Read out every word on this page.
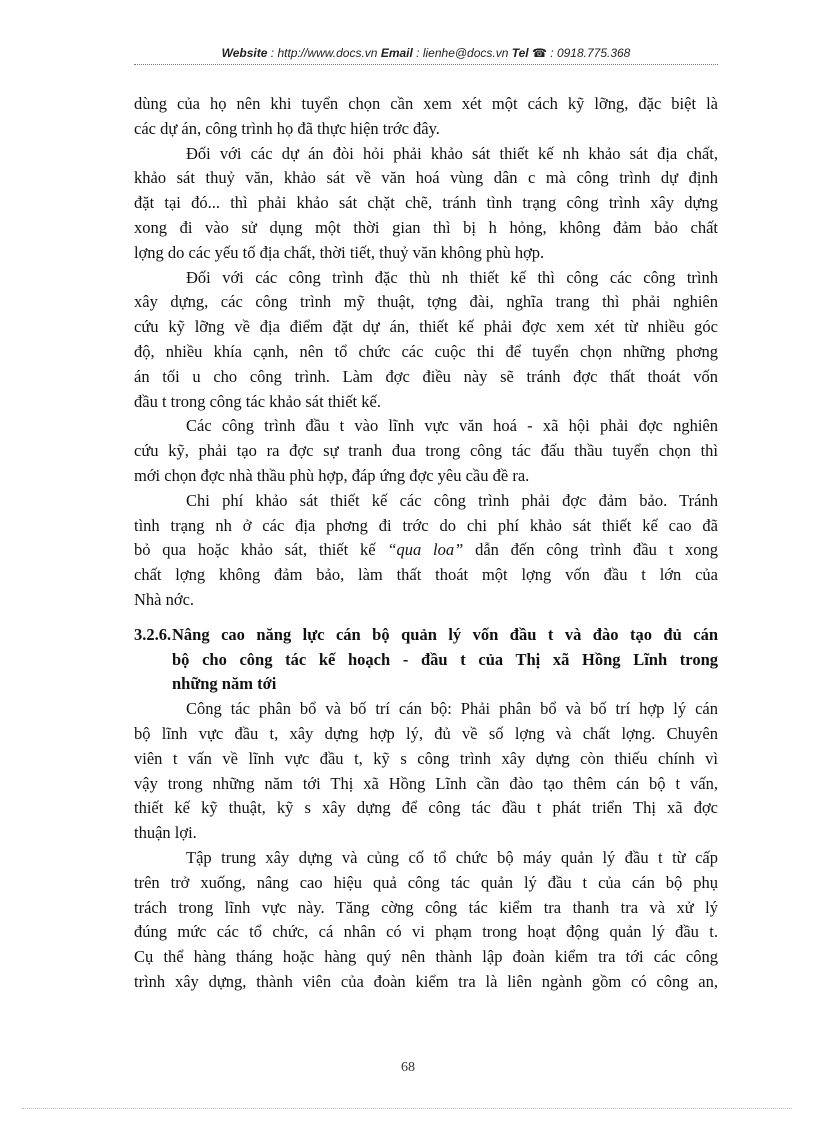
Website : http://www.docs.vn Email : lienhe@docs.vn Tel ☎ : 0918.775.368

dùng của họ nên khi tuyển chọn cần xem xét một cách kỹ lỡng, đặc biệt là

các dự án, công trình họ đã thực hiện trớc đây.

Đối với các dự án đòi hỏi phải khảo sát thiết kế nh khảo sát địa chất,

khảo sát thuỷ văn, khảo sát về văn hoá vùng dân c mà công trình dự định

đặt tại đó... thì phải khảo sát chặt chẽ, tránh tình trạng công trình xây dựng

xong đi vào sử dụng một thời gian thì bị h hỏng, không đảm bảo chất

lợng do các yếu tố địa chất, thời tiết, thuỷ văn không phù hợp.

Đối với các công trình đặc thù nh thiết kế thì công các công trình

xây dựng, các công trình mỹ thuật, tợng đài, nghĩa trang thì phải nghiên

cứu kỹ lỡng về địa điểm đặt dự án, thiết kế phải đợc xem xét từ nhiều góc

độ, nhiều khía cạnh, nên tổ chức các cuộc thi để tuyển chọn những phơng

án tối u cho công trình. Làm đợc điều này sẽ tránh đợc thất thoát vốn

đầu t trong công tác khảo sát thiết kế.

Các công trình đầu t vào lĩnh vực văn hoá - xã hội phải đợc nghiên

cứu kỹ, phải tạo ra đợc sự tranh đua trong công tác đấu thầu tuyển chọn thì

mới chọn đợc nhà thầu phù hợp, đáp ứng đợc yêu cầu đề ra.

Chi phí khảo sát thiết kế các công trình phải đợc đảm bảo. Tránh

tình trạng nh ở các địa phơng đi trớc do chi phí khảo sát thiết kế cao đã

bỏ qua hoặc khảo sát, thiết kế “qua loa” dẫn đến công trình đầu t xong

chất lợng không đảm bảo, làm thất thoát một lợng vốn đầu t lớn của

Nhà nớc.

3.2.6.Nâng cao năng lực cán bộ quản lý vốn đầu t và đào tạo đủ cán
bộ cho công tác kế hoạch - đầu t của Thị xã Hồng Lĩnh trong
những năm tới

Công tác phân bổ và bố trí cán bộ: Phải phân bổ và bố trí hợp lý cán

bộ lĩnh vực đầu t, xây dựng hợp lý, đủ về số lợng và chất lợng. Chuyên

viên t vấn về lĩnh vực đầu t, kỹ s công trình xây dựng còn thiếu chính vì

vậy trong những năm tới Thị xã Hồng Lĩnh cần đào tạo thêm cán bộ t vấn,

thiết kế kỹ thuật, kỹ s xây dựng để công tác đầu t phát triển Thị xã đợc

thuận lợi.

Tập trung xây dựng và củng cố tổ chức bộ máy quản lý đầu t từ cấp

trên trở xuống, nâng cao hiệu quả công tác quản lý đầu t của cán bộ phụ

trách trong lĩnh vực này. Tăng cờng công tác kiểm tra thanh tra và xử lý

đúng mức các tổ chức, cá nhân có vi phạm trong hoạt động quản lý đầu t.

Cụ thể hàng tháng hoặc hàng quý nên thành lập đoàn kiểm tra tới các công

trình xây dựng, thành viên của đoàn kiểm tra là liên ngành gồm có công an,

68
